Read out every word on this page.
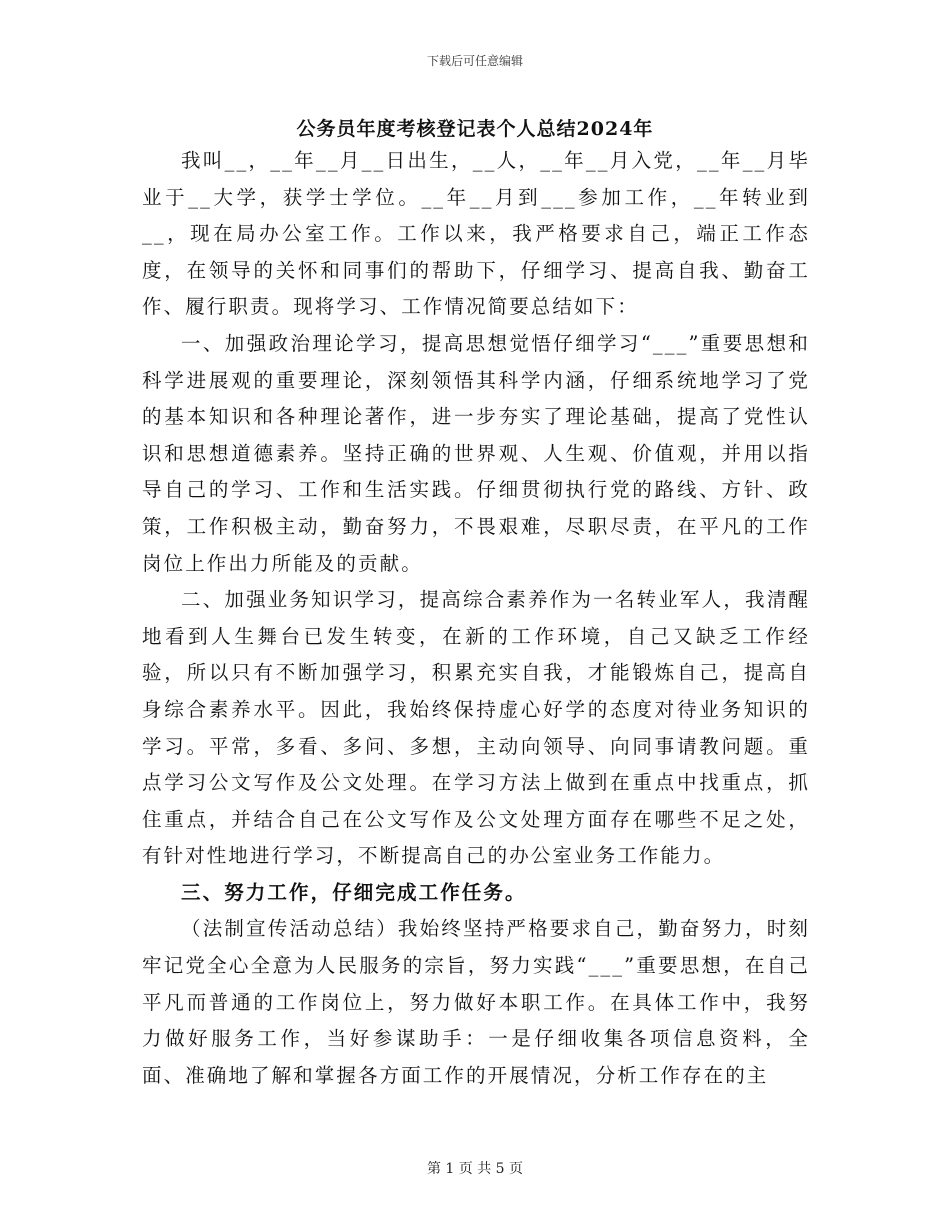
下载后可任意编辑
公务员年度考核登记表个人总结2024年

我叫__，__年__月__日出生，__人，__年__月入党，__年__月毕业于__大学，获学士学位。__年__月到___参加工作，__年转业到__，现在局办公室工作。工作以来，我严格要求自己，端正工作态度，在领导的关怀和同事们的帮助下，仔细学习、提高自我、勤奋工作、履行职责。现将学习、工作情况简要总结如下：

一、加强政治理论学习，提高思想觉悟仔细学习“___”重要思想和科学进展观的重要理论，深刻领悟其科学内涵，仔细系统地学习了党的基本知识和各种理论著作，进一步夯实了理论基础，提高了党性认识和思想道德素养。坚持正确的世界观、人生观、价值观，并用以指导自己的学习、工作和生活实践。仔细贯彻执行党的路线、方针、政策，工作积极主动，勤奋努力，不畏艰难，尽职尽责，在平凡的工作岗位上作出力所能及的贡献。

二、加强业务知识学习，提高综合素养作为一名转业军人，我清醒地看到人生舞台已发生转变，在新的工作环境，自己又缺乏工作经验，所以只有不断加强学习，积累充实自我，才能锻炼自己，提高自身综合素养水平。因此，我始终保持虚心好学的态度对待业务知识的学习。平常，多看、多问、多想，主动向领导、向同事请教问题。重点学习公文写作及公文处理。在学习方法上做到在重点中找重点，抓住重点，并结合自己在公文写作及公文处理方面存在哪些不足之处，有针对性地进行学习，不断提高自己的办公室业务工作能力。

三、努力工作，仔细完成工作任务。

（法制宣传活动总结）我始终坚持严格要求自己，勤奋努力，时刻牢记党全心全意为人民服务的宗旨，努力实践“___”重要思想，在自己平凡而普通的工作岗位上，努力做好本职工作。在具体工作中，我努力做好服务工作，当好参谋助手：一是仔细收集各项信息资料，全面、准确地了解和掌握各方面工作的开展情况，分析工作存在的主

第 1 页 共 5 页
